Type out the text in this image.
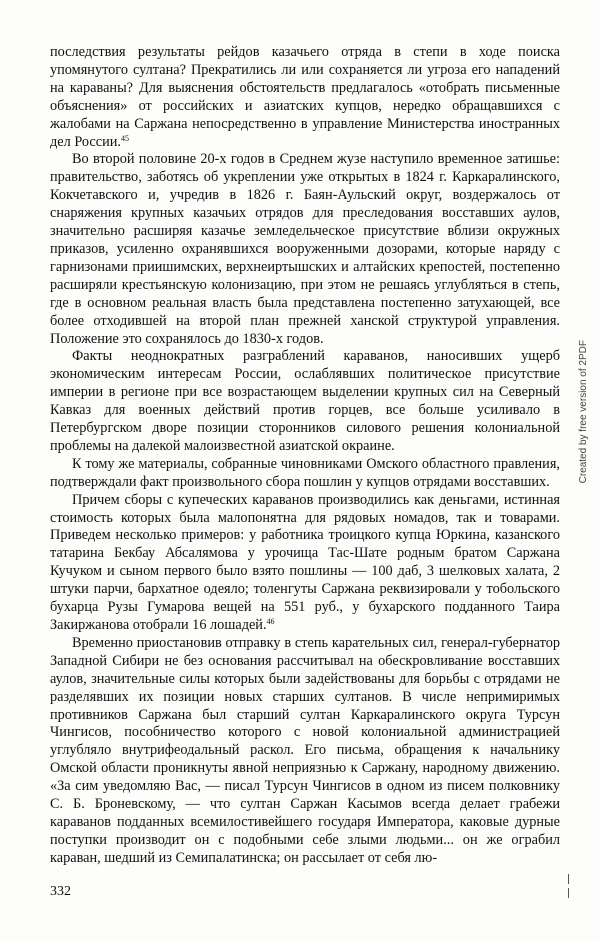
последствия результаты рейдов казачьего отряда в степи в ходе поиска упомянутого султана? Прекратились ли или сохраняется ли угроза его нападений на караваны? Для выяснения обстоятельств предлагалось «отобрать письменные объяснения» от российских и азиатских купцов, нередко обращавшихся с жалобами на Саржана непосредственно в управление Министерства иностранных дел России.$^{45}$

Во второй половине 20-х годов в Среднем жузе наступило временное затишье: правительство, заботясь об укреплении уже открытых в 1824 г. Каркаралинского, Кокчетавского и, учредив в 1826 г. Баян-Аульский округ, воздержалось от снаряжения крупных казачьих отрядов для преследования восставших аулов, значительно расширяя казачье земледельческое присутствие вблизи окружных приказов, усиленно охранявшихся вооруженными дозорами, которые наряду с гарнизонами приишимских, верхнеиртышских и алтайских крепостей, постепенно расширяли крестьянскую колонизацию, при этом не решаясь углубляться в степь, где в основном реальная власть была представлена постепенно затухающей, все более отходившей на второй план прежней ханской структурой управления. Положение это сохранялось до 1830-х годов.

Факты неоднократных разграблений караванов, наносивших ущерб экономическим интересам России, ослаблявших политическое присутствие империи в регионе при все возрастающем выделении крупных сил на Северный Кавказ для военных действий против горцев, все больше усиливало в Петербургском дворе позиции сторонников силового решения колониальной проблемы на далекой малоизвестной азиатской окраине.

К тому же материалы, собранные чиновниками Омского областного правления, подтверждали факт произвольного сбора пошлин у купцов отрядами восставших.

Причем сборы с купеческих караванов производились как деньгами, истинная стоимость которых была малопонятна для рядовых номадов, так и товарами. Приведем несколько примеров: у работника троицкого купца Юркина, казанского татарина Бекбау Абсалямова у урочища Тас-Шате родным братом Саржана Кучуком и сыном первого было взято пошлины — 100 даб, 3 шелковых халата, 2 штуки парчи, бархатное одеяло; толенгуты Саржана реквизировали у тобольского бухарца Рузы Гумарова вещей на 551 руб., у бухарского подданного Таира Закиржанова отобрали 16 лошадей.$^{46}$

Временно приостановив отправку в степь карательных сил, генерал-губернатор Западной Сибири не без основания рассчитывал на обескровливание восставших аулов, значительные силы которых были задействованы для борьбы с отрядами не разделявших их позиции новых старших султанов. В числе непримиримых противников Саржана был старший султан Каркаралинского округа Турсун Чингисов, пособничество которого с новой колониальной администрацией углубляло внутрифеодальный раскол. Его письма, обращения к начальнику Омской области проникнуты явной неприязнью к Саржану, народному движению. «За сим уведомляю Вас, — писал Турсун Чингисов в одном из писем полковнику С. Б. Броневскому, — что султан Саржан Касымов всегда делает грабежи караванов подданных всемилостивейшего государя Императора, каковые дурные поступки производит он с подобными себе злыми людьми... он же ограбил караван, шедший из Семипалатинска; он рассылает от себя лю-

Created by free version of 2PDF
332
